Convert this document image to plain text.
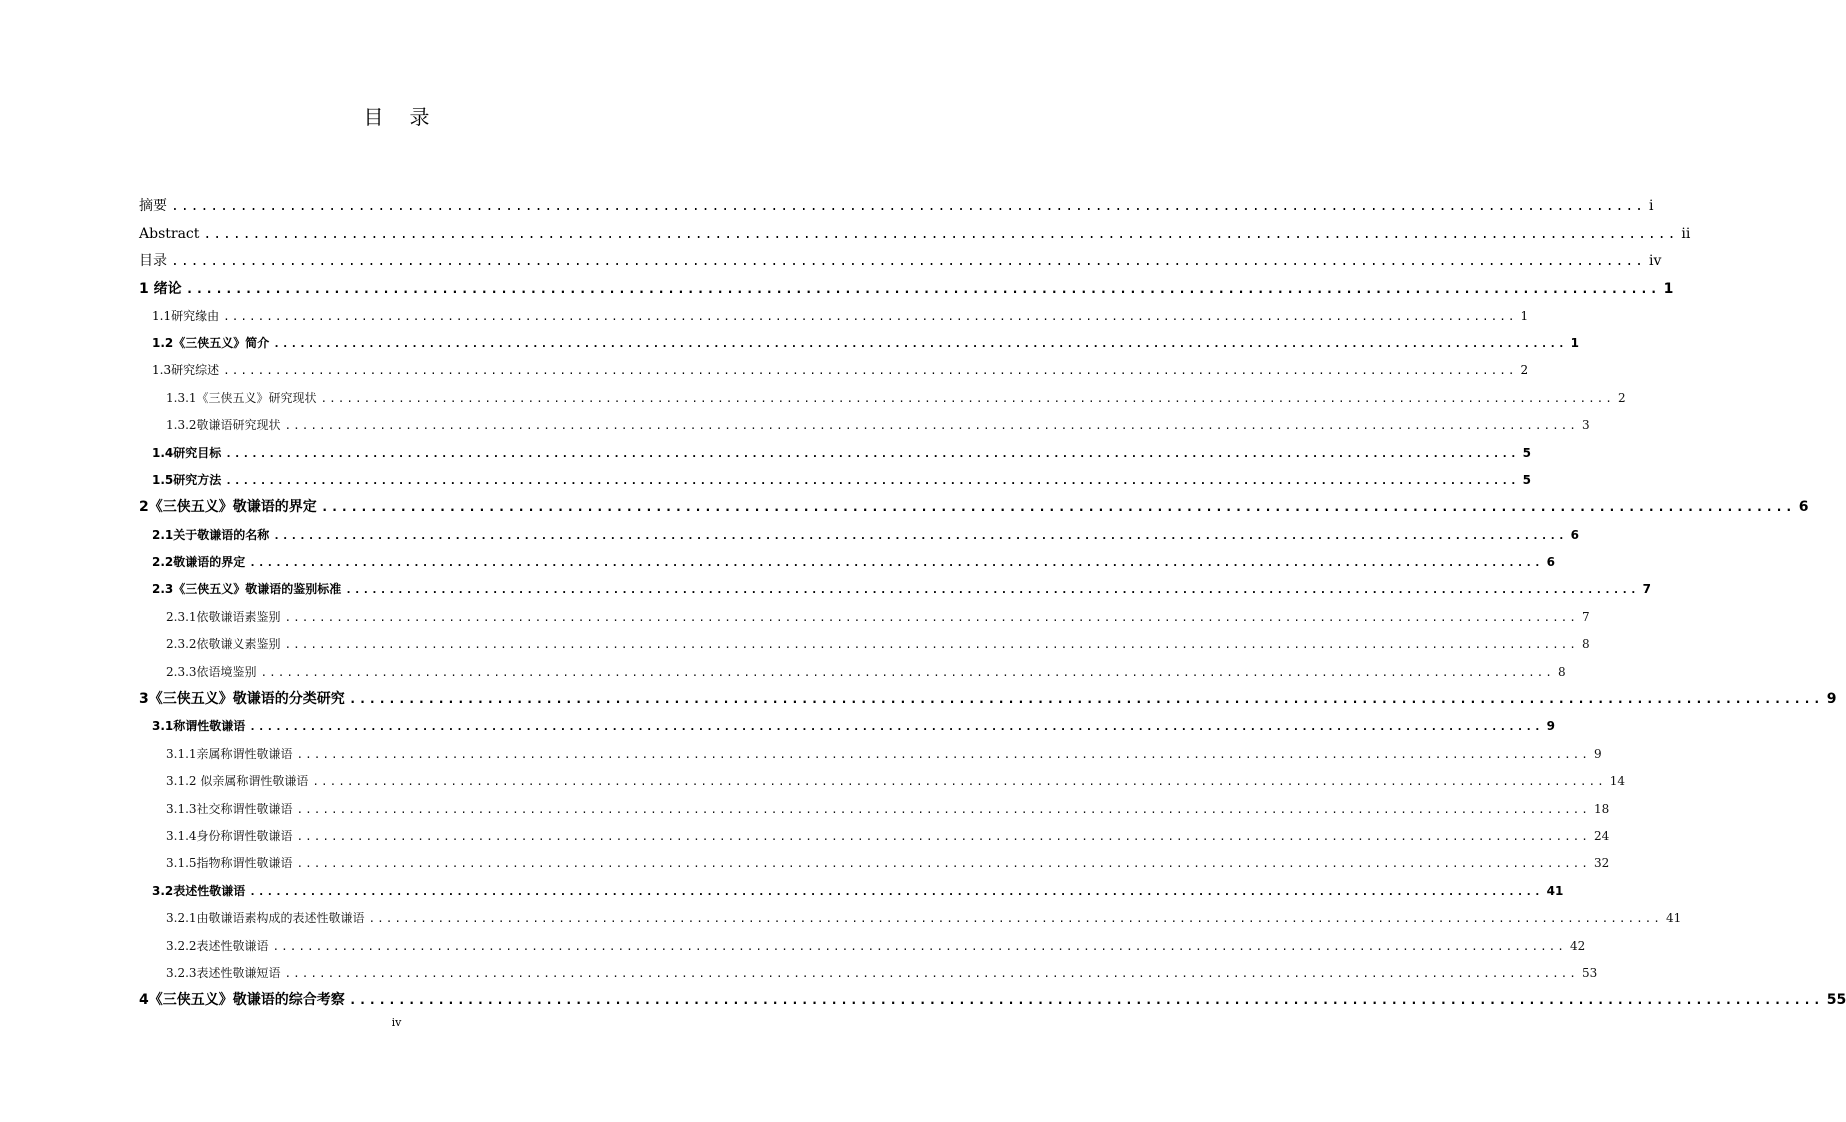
目录
摘要 ...................................................................................................................................................... i
Abstract ...................................................................................................................................................... ii
目录 ...................................................................................................................................................... iv
1 绪论 ...................................................................................................................................................... 1
1.1研究缘由 ...................................................................................................................................................... 1
1.2《三侠五义》简介 ...................................................................................................................................................... 1
1.3研究综述 ...................................................................................................................................................... 2
1.3.1《三侠五义》研究现状 ...................................................................................................................................................... 2
1.3.2敬谦语研究现状 ...................................................................................................................................................... 3
1.4研究目标 ...................................................................................................................................................... 5
1.5研究方法 ...................................................................................................................................................... 5
2《三侠五义》敬谦语的界定 ...................................................................................................................................................... 6
2.1关于敬谦语的名称 ...................................................................................................................................................... 6
2.2敬谦语的界定 ...................................................................................................................................................... 6
2.3《三侠五义》敬谦语的鉴别标准 ...................................................................................................................................................... 7
2.3.1依敬谦语素鉴别 ...................................................................................................................................................... 7
2.3.2依敬谦义素鉴别 ...................................................................................................................................................... 8
2.3.3依语境鉴别 ...................................................................................................................................................... 8
3《三侠五义》敬谦语的分类研究 ...................................................................................................................................................... 9
3.1称谓性敬谦语 ...................................................................................................................................................... 9
3.1.1亲属称谓性敬谦语 ...................................................................................................................................................... 9
3.1.2 似亲属称谓性敬谦语 ...................................................................................................................................................... 14
3.1.3社交称谓性敬谦语 ...................................................................................................................................................... 18
3.1.4身份称谓性敬谦语 ...................................................................................................................................................... 24
3.1.5指物称谓性敬谦语 ...................................................................................................................................................... 32
3.2表述性敬谦语 ...................................................................................................................................................... 41
3.2.1由敬谦语素构成的表述性敬谦语 ...................................................................................................................................................... 41
3.2.2表述性敬谦语 ...................................................................................................................................................... 42
3.2.3表述性敬谦短语 ...................................................................................................................................................... 53
4《三侠五义》敬谦语的综合考察 ...................................................................................................................................................... 55
iv
